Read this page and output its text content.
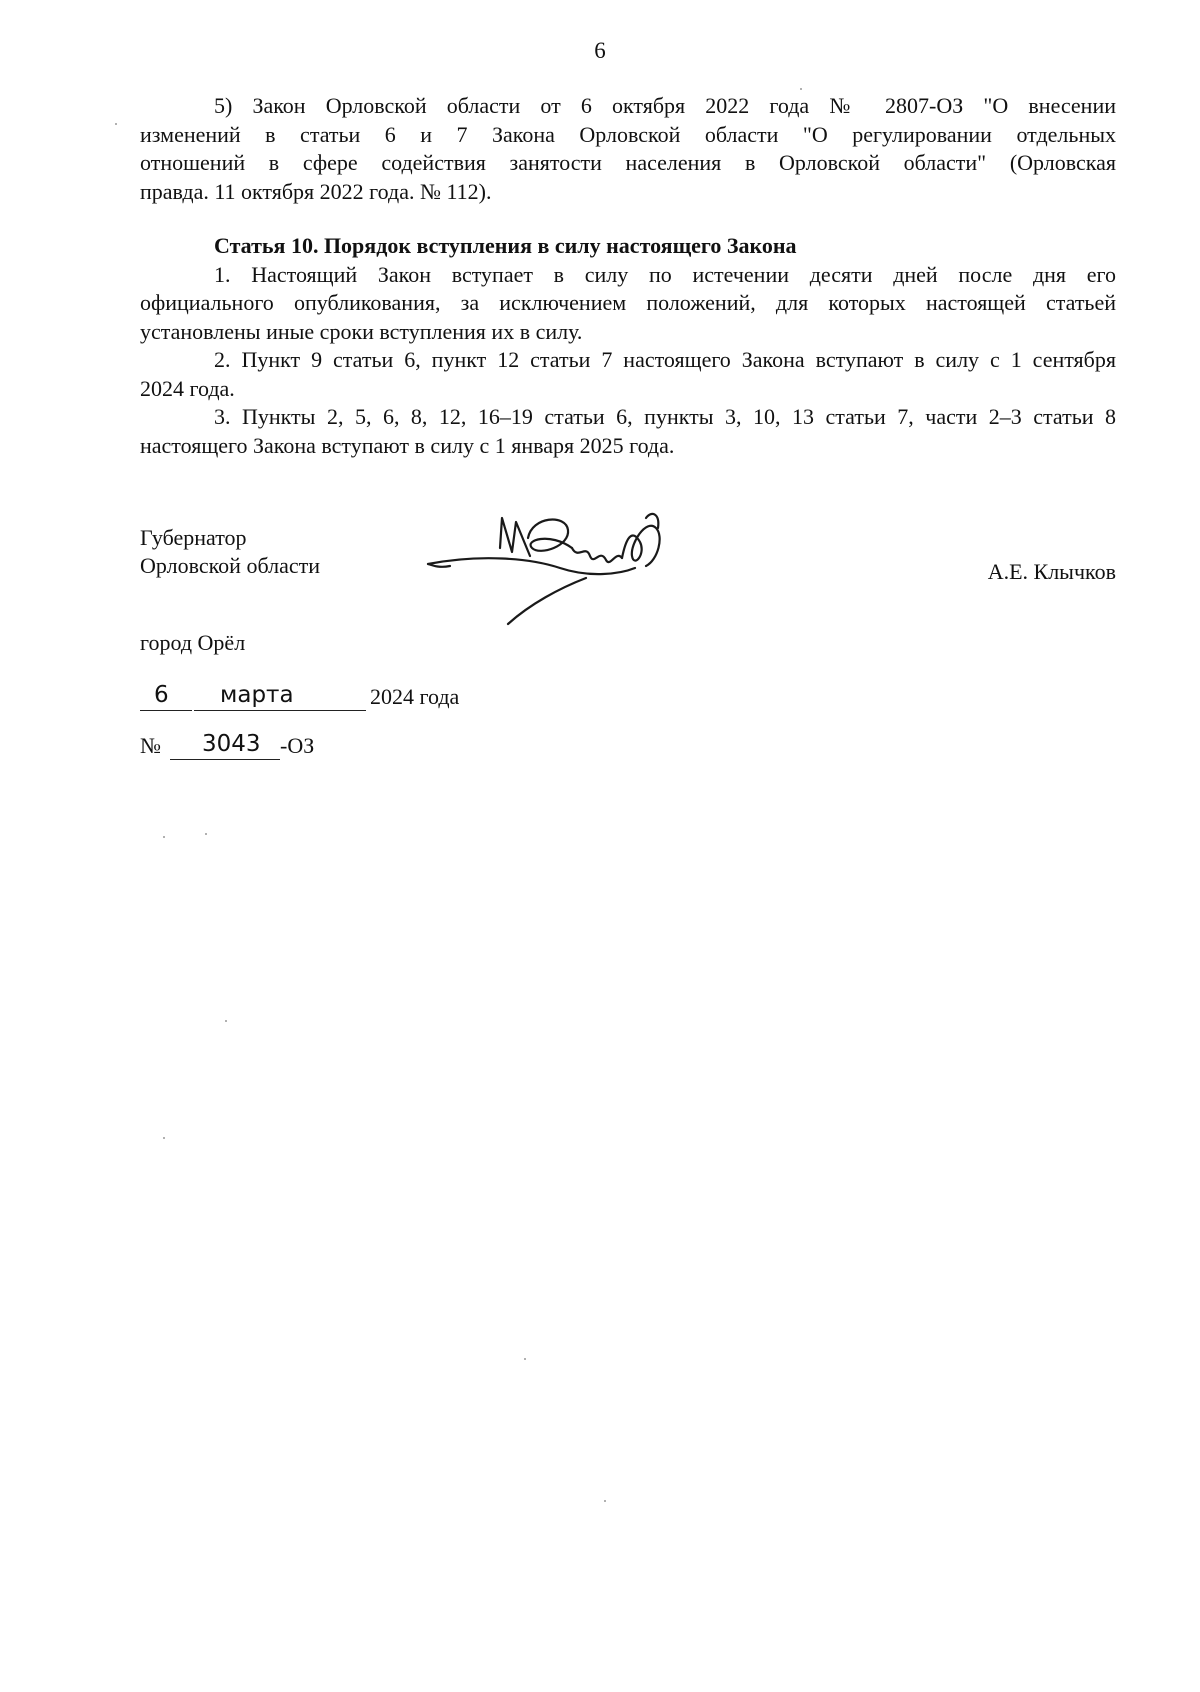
6
5) Закон Орловской области от 6 октября 2022 года № 2807-ОЗ "О внесении
изменений в статьи 6 и 7 Закона Орловской области "О регулировании отдельных
отношений в сфере содействия занятости населения в Орловской области" (Орловская
правда. 11 октября 2022 года. № 112).

Статья 10. Порядок вступления в силу настоящего Закона

1. Настоящий Закон вступает в силу по истечении десяти дней после дня его
официального опубликования, за исключением положений, для которых настоящей статьей
установлены иные сроки вступления их в силу.
2. Пункт 9 статьи 6, пункт 12 статьи 7 настоящего Закона вступают в силу с 1 сентября
2024 года.
3. Пункты 2, 5, 6, 8, 12, 16–19 статьи 6, пункты 3, 10, 13 статьи 7, части 2–3 статьи 8
настоящего Закона вступают в силу с 1 января 2025 года.
Губернатор
Орловской области	А.Е. Клычков
город Орёл
6 марта	2024 года
№ 3043 -ОЗ
